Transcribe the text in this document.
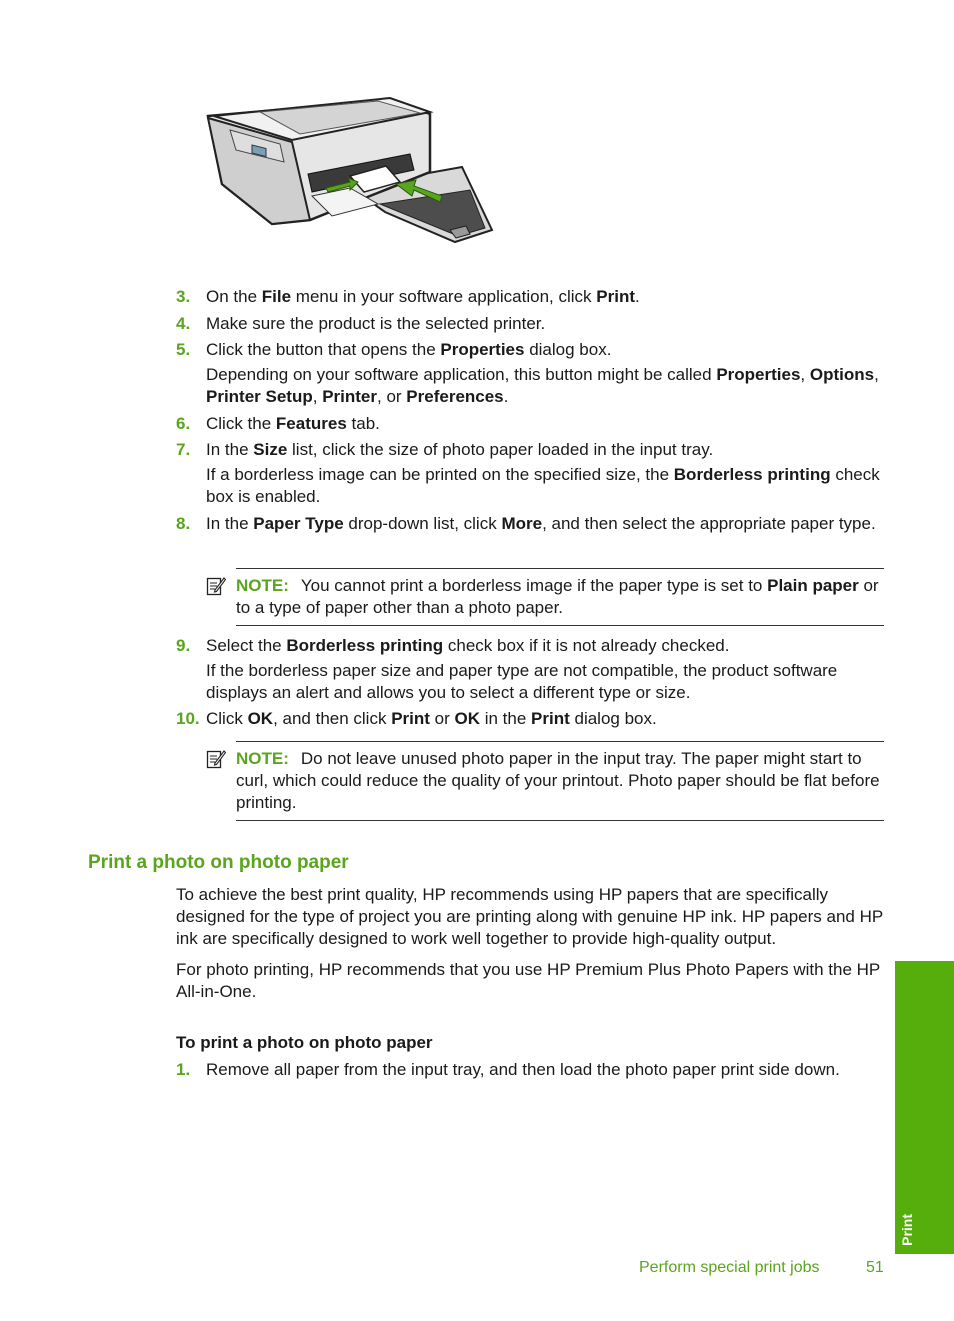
3. On the File menu in your software application, click Print.

4. Make sure the product is the selected printer.

5. Click the button that opens the Properties dialog box.

Depending on your software application, this button might be called Properties, Options, Printer Setup, Printer, or Preferences.

6. Click the Features tab.

7. In the Size list, click the size of photo paper loaded in the input tray.

If a borderless image can be printed on the specified size, the Borderless printing check box is enabled.

8. In the Paper Type drop-down list, click More, and then select the appropriate paper type.

NOTE: You cannot print a borderless image if the paper type is set to Plain paper or to a type of paper other than a photo paper.
9. Select the Borderless printing check box if it is not already checked.

If the borderless paper size and paper type are not compatible, the product software displays an alert and allows you to select a different type or size.

10. Click OK, and then click Print or OK in the Print dialog box.

NOTE: Do not leave unused photo paper in the input tray. The paper might start to curl, which could reduce the quality of your printout. Photo paper should be flat before printing.
Print a photo on photo paper

To achieve the best print quality, HP recommends using HP papers that are specifically designed for the type of project you are printing along with genuine HP ink. HP papers and HP ink are specifically designed to work well together to provide high-quality output.

For photo printing, HP recommends that you use HP Premium Plus Photo Papers with the HP All-in-One.

To print a photo on photo paper

1. Remove all paper from the input tray, and then load the photo paper print side down.

Print
Perform special print jobs	51
